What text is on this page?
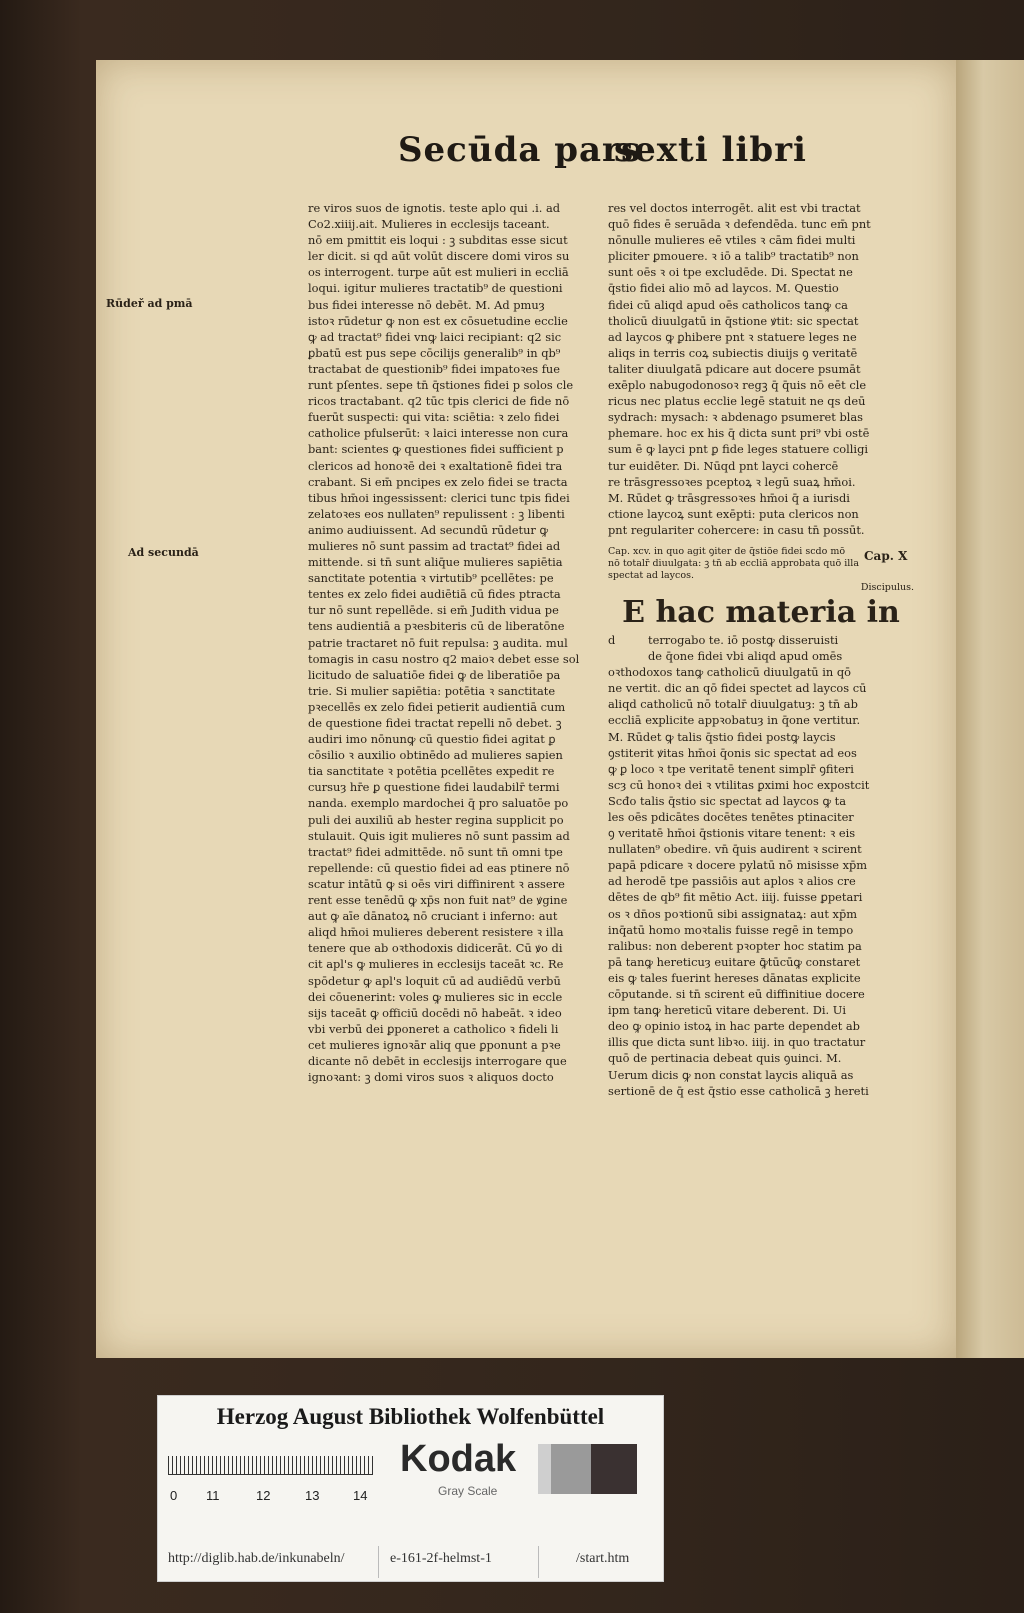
Secūda pars
sexti libri
Rūdeř ad pmā
Ad secundā
re viros suos de ignotis. teste aplo qui .i. ad
Co2.xiiij.ait. Mulieres in ecclesijs taceant.
nō em pmittit eis loqui : ꝫ subditas esse sicut
ler dicit. si qd aūt volūt discere domi viros su
os interrogent. turpe aūt est mulieri in eccliā
loqui. igitur mulieres tractatib⁹ de questioni
bus fidei interesse nō debēt. M. Ad pmuȝ
istoꝛ rūdetur ꝙ non est ex cōsuetudine ecclie
ꝙ ad tractat⁹ fidei vnꝙ laici recipiant: q2 sic
ꝑbatū est pus sepe cōcilijs generalib⁹ in qb⁹
tractabat de questionib⁹ fidei impatoꝛes fue
runt pſentes. sepe tn̄ q̄stiones fidei p solos cle
ricos tractabant. q2 tūc tpis clerici de fide nō
fuerūt suspecti: qui vita: sciētia: ꝛ zelo fidei
catholice pfulserūt: ꝛ laici interesse non cura
bant: scientes ꝙ questiones fidei sufficient p
clericos ad honoꝛē dei ꝛ exaltationē fidei tra
crabant. Si em̄ pncipes ex zelo fidei se tracta
tibus hm̄oi ingessissent: clerici tunc tpis fidei
zelatoꝛes eos nullaten⁹ repulissent : ꝫ libenti
animo audiuissent. Ad secundū rūdetur ꝙ
mulieres nō sunt passim ad tractat⁹ fidei ad
mittende. si tn̄ sunt aliq̄ue mulieres sapiētia
sanctitate potentia ꝛ virtutib⁹ pcellētes: pe
tentes ex zelo fidei audiētiā cū fides ptracta
tur nō sunt repellēde. si em̄ Judith vidua pe
tens audientiā a pꝛesbiteris cū de liberatōne
patrie tractaret nō fuit repulsa: ꝫ audita. mul
tomagis in casu nostro q2 maioꝛ debet esse sol
licitudo de saluatiōe fidei ꝙ de liberatiōe pa
trie. Si mulier sapiētia: potētia ꝛ sanctitate
pꝛecellēs ex zelo fidei petierit audientiā cum
de questione fidei tractat repelli nō debet. ꝫ
audiri imo nōnunꝙ cū questio fidei agitat ꝑ
cōsilio ꝛ auxilio obtinēdo ad mulieres sapien
tia sanctitate ꝛ potētia pcellētes expedit re
cursuȝ hr̄e ꝑ questione fidei laudabilr̄ termi
nanda. exemplo mardochei q̄ pro saluatōe po
puli dei auxiliū ab hester regina supplicit po
stulauit. Quis igit mulieres nō sunt passim ad
tractat⁹ fidei admittēde. nō sunt tn̄ omni tpe
repellende: cū questio fidei ad eas ptinere nō
scatur intātū ꝙ si oēs viri diffinirent ꝛ assere
rent esse tenēdū ꝙ xp̄s non fuit nat⁹ de ꝟgine
aut ꝙ aīe dānatoꝝ nō cruciant i inferno: aut
aliqd hm̄oi mulieres deberent resistere ꝛ illa
tenere que ab oꝛthodoxis didicerāt. Cū ꝟo di
cit apl's ꝙ mulieres in ecclesijs taceāt ꝛc. Re
spōdetur ꝙ apl's loquit cū ad audiēdū verbū
dei cōuenerint: voles ꝙ mulieres sic in eccle
sijs taceāt ꝙ officiū docēdi nō habeāt. ꝛ ideo
vbi verbū dei ꝑponeret a catholico ꝛ fideli li
cet mulieres ignoꝛār aliq que ꝑponunt a pꝛe
dicante nō debēt in ecclesijs interrogare que
ignoꝛant: ꝫ domi viros suos ꝛ aliquos docto
res vel doctos interrogēt. alit est vbi tractat
quō fides ē seruāda ꝛ defendēda. tunc em̄ pnt
nōnulle mulieres eē vtiles ꝛ cām fidei multi
pliciter ꝑmouere. ꝛ iō a talib⁹ tractatib⁹ non
sunt oēs ꝛ oi tpe excludēde. Di. Spectat ne
q̄stio fidei alio mō ad laycos. M. Questio
fidei cū aliqd apud oēs catholicos tanꝙ ca
tholicū diuulgatū in q̄stione ꝟtit: sic spectat
ad laycos ꝙ ꝑhibere pnt ꝛ statuere leges ne
aliqs in terris coꝝ subiectis diuijs ꝯ veritatē
taliter diuulgatā pdicare aut docere psumāt
exēplo nabugodonosoꝛ regꝫ q̄ q̄uis nō eēt cle
ricus nec platus ecclie legē statuit ne qs deū
sydrach: mysach: ꝛ abdenago psumeret blas
phemare. hoc ex his q̄ dicta sunt pri⁹ vbi ostē
sum ē ꝙ layci pnt ꝑ fide leges statuere colligi
tur euidēter. Di. Nūqd pnt layci cohercē
re trāsgressoꝛes pceptoꝝ ꝛ legū suaꝝ hm̄oi.
M. Rūdet ꝙ trāsgressoꝛes hm̄oi q̄ a iurisdi
ctione laycoꝝ sunt exēpti: puta clericos non
pnt regulariter cohercere: in casu tn̄ possūt.
Cap. xcv. in quo agit ꝯiter de q̄stiōe fidei scdo mō
nō totalr̄ diuulgata: ꝫ tn̄ ab eccliā approbata quō illa
spectat ad laycos.
Discipulus.
E hac materia in
d	terrogabo te. iō postꝙ disseruisti
de q̄one fidei vbi aliqd apud omēs
oꝛthodoxos tanꝙ catholicū diuulgatū in qō
ne vertit. dic an qō fidei spectet ad laycos cū
aliqd catholicū nō totalr̄ diuulgatuȝ: ꝫ tn̄ ab
eccliā explicite appꝛobatuȝ in q̄one vertitur.
M. Rūdet ꝙ talis q̄stio fidei postꝙ laycis
ꝯstiterit ꝟitas hm̄oi q̄onis sic spectat ad eos
ꝙ ꝑ loco ꝛ tpe veritatē tenent simplr̄ ꝯfiteri
scȝ cū honoꝛ dei ꝛ vtilitas ꝑximi hoc expostcit
Scđo talis q̄stio sic spectat ad laycos ꝙ ta
les oēs pdicātes docētes tenētes ptinaciter
ꝯ veritatē hm̄oi q̄stionis vitare tenent: ꝛ eis
nullaten⁹ obedire. vn̄ q̄uis audirent ꝛ scirent
papā pdicare ꝛ docere pylatū nō misisse xp̄m
ad herodē tpe passiōis aut aplos ꝛ alios cre
dētes de qb⁹ fit mētio Act. iiij. fuisse ꝑpetari
os ꝛ dn̄os poꝛtionū sibi assignataꝝ: aut xp̄m
inq̄atū homo moꝛtalis fuisse regē in tempo
ralibus: non deberent pꝛopter hoc statim pa
pā tanꝙ hereticuȝ euitare ꝙ̄tūcūꝙ constaret
eis ꝙ tales fuerint hereses dānatas explicite
cōputande. si tn̄ scirent eū diffinitiue docere
ipm tanꝙ hereticū vitare deberent. Di. Ui
deo ꝙ opinio istoꝝ in hac parte dependet ab
illis que dicta sunt libꝛo. iiij. in quo tractatur
quō de pertinacia debeat quis ꝯuinci. M.
Uerum dicis ꝙ non constat laycis aliquā as
sertionē de q̄ est q̄stio esse catholicā ꝫ hereti
Cap. X
Herzog August Bibliothek Wolfenbüttel
0 11	12	13	14
Kodak
Gray Scale
http://diglib.hab.de/inkunabeln/	e-161-2f-helmst-1	/start.htm
